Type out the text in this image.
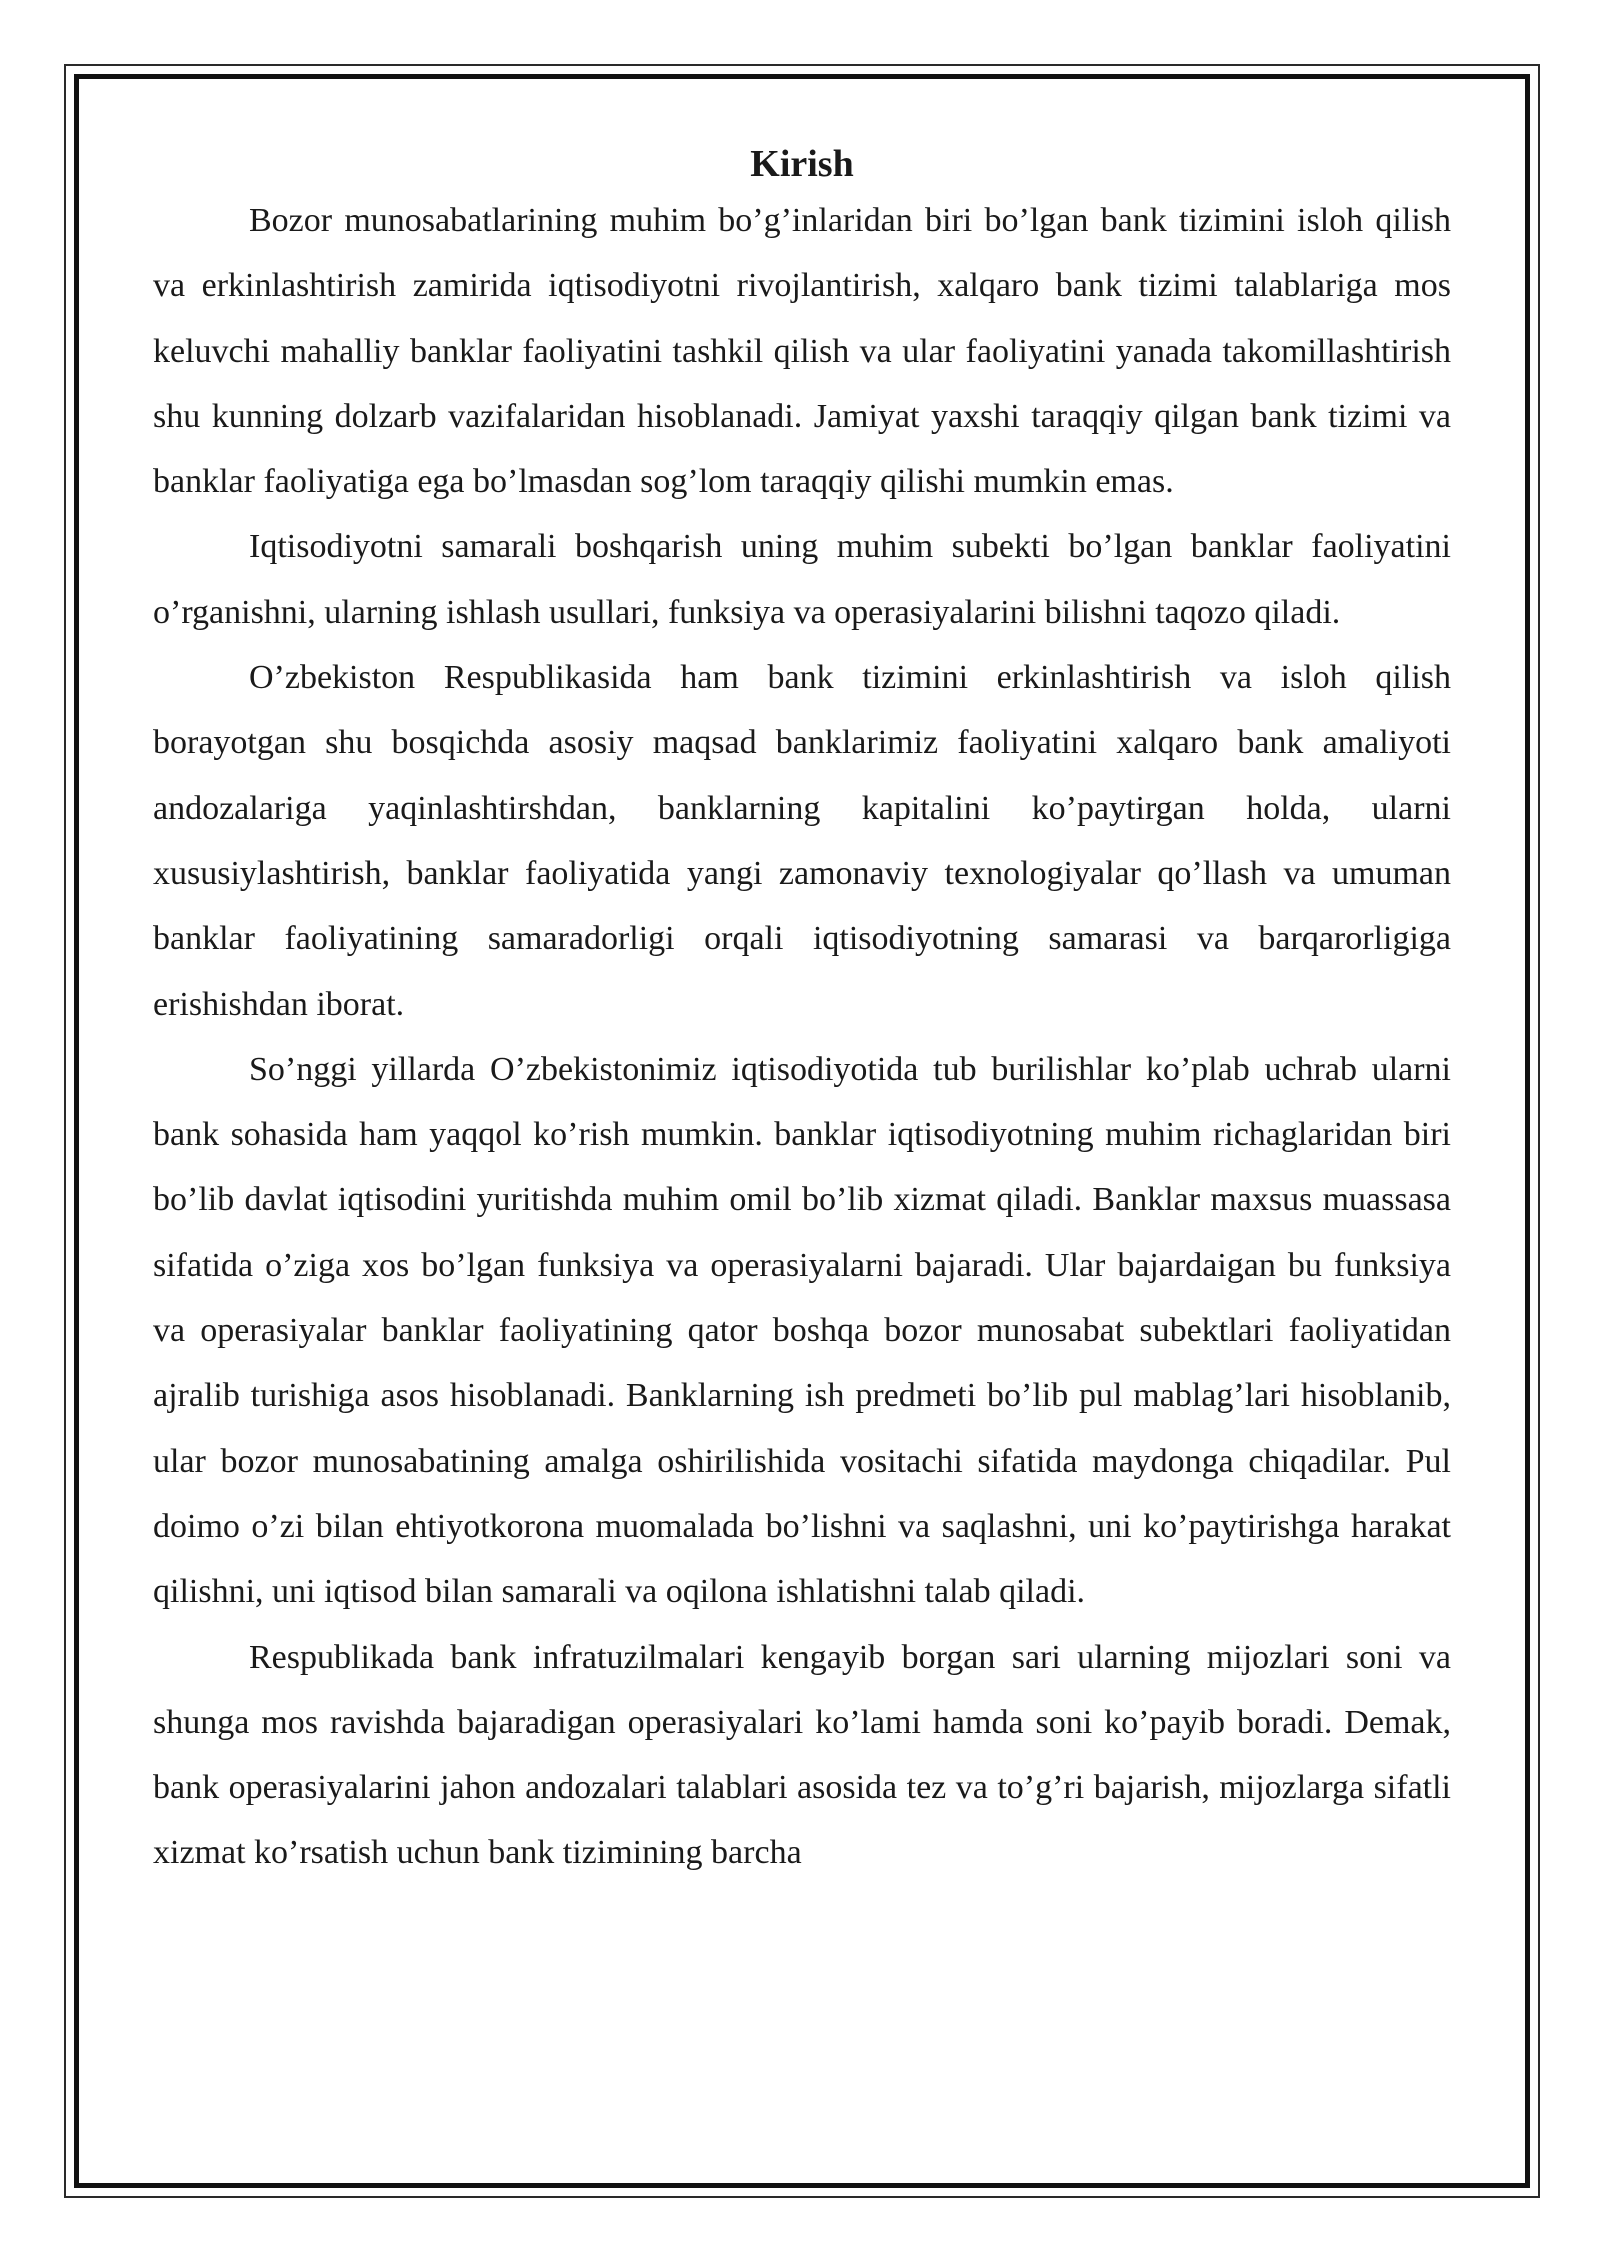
Kirish

Bozor munosabatlarining muhim bo’g’inlaridan biri bo’lgan bank tizimini isloh qilish va erkinlashtirish zamirida iqtisodiyotni rivojlantirish, xalqaro bank tizimi talablariga mos keluvchi mahalliy banklar faoliyatini tashkil qilish va ular faoliyatini yanada takomillashtirish shu kunning dolzarb vazifalaridan hisoblanadi. Jamiyat yaxshi taraqqiy qilgan bank tizimi va banklar faoliyatiga ega bo’lmasdan sog’lom taraqqiy qilishi mumkin emas.

Iqtisodiyotni samarali boshqarish uning muhim subekti bo’lgan banklar faoliyatini o’rganishni, ularning ishlash usullari, funksiya va operasiyalarini bilishni taqozo qiladi.

O’zbekiston Respublikasida ham bank tizimini erkinlashtirish va isloh qilish borayotgan shu bosqichda asosiy maqsad banklarimiz faoliyatini xalqaro bank amaliyoti andozalariga yaqinlashtirshdan, banklarning kapitalini ko’paytirgan holda, ularni xususiylashtirish, banklar faoliyatida yangi zamonaviy texnologiyalar qo’llash va umuman banklar faoliyatining samaradorligi orqali iqtisodiyotning samarasi va barqarorligiga erishishdan iborat.

So’nggi yillarda O’zbekistonimiz iqtisodiyotida tub burilishlar ko’plab uchrab ularni bank sohasida ham yaqqol ko’rish mumkin. banklar iqtisodiyotning muhim richaglaridan biri bo’lib davlat iqtisodini yuritishda muhim omil bo’lib xizmat qiladi. Banklar maxsus muassasa sifatida o’ziga xos bo’lgan funksiya va operasiyalarni bajaradi. Ular bajardaigan bu funksiya va operasiyalar banklar faoliyatining qator boshqa bozor munosabat subektlari faoliyatidan ajralib turishiga asos hisoblanadi. Banklarning ish predmeti bo’lib pul mablag’lari hisoblanib, ular bozor munosabatining amalga oshirilishida vositachi sifatida maydonga chiqadilar. Pul doimo o’zi bilan ehtiyotkorona muomalada bo’lishni va saqlashni, uni ko’paytirishga harakat qilishni, uni iqtisod bilan samarali va oqilona ishlatishni talab qiladi.

Respublikada bank infratuzilmalari kengayib borgan sari ularning mijozlari soni va shunga mos ravishda bajaradigan operasiyalari ko’lami hamda soni ko’payib boradi. Demak, bank operasiyalarini jahon andozalari talablari asosida tez va to’g’ri bajarish, mijozlarga sifatli xizmat ko’rsatish uchun bank tizimining barcha
